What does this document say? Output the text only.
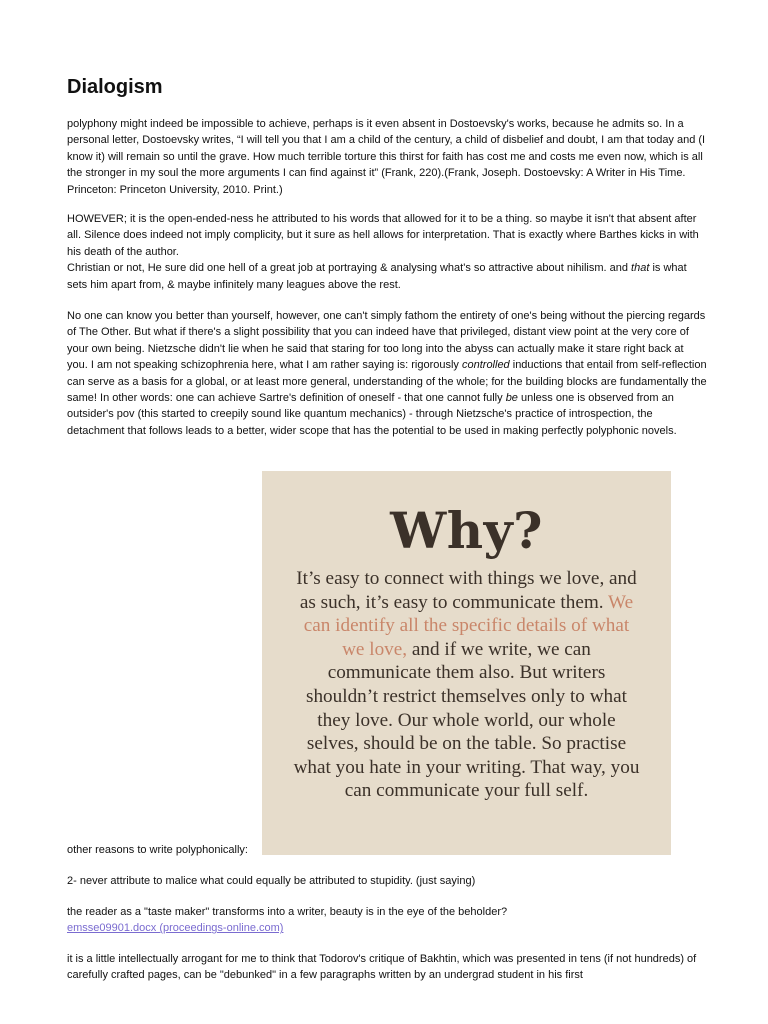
Dialogism

polyphony might indeed be impossible to achieve, perhaps is it even absent in Dostoevsky's works, because he admits so. In a personal letter, Dostoevsky writes, “I will tell you that I am a child of the century, a child of disbelief and doubt, I am that today and (I know it) will remain so until the grave. How much terrible torture this thirst for faith has cost me and costs me even now, which is all the stronger in my soul the more arguments I can find against it” (Frank, 220).(Frank, Joseph. Dostoevsky: A Writer in His Time. Princeton: Princeton University, 2010. Print.)

HOWEVER; it is the open-ended-ness he attributed to his words that allowed for it to be a thing. so maybe it isn't that absent after all. Silence does indeed not imply complicity, but it sure as hell allows for interpretation. That is exactly where Barthes kicks in with his death of the author.
Christian or not, He sure did one hell of a great job at portraying & analysing what's so attractive about nihilism. and that is what sets him apart from, & maybe infinitely many leagues above the rest.

No one can know you better than yourself, however, one can't simply fathom the entirety of one's being without the piercing regards of The Other. But what if there's a slight possibility that you can indeed have that privileged, distant view point at the very core of your own being. Nietzsche didn't lie when he said that staring for too long into the abyss can actually make it stare right back at you. I am not speaking schizophrenia here, what I am rather saying is: rigorously controlled inductions that entail from self-reflection can serve as a basis for a global, or at least more general, understanding of the whole; for the building blocks are fundamentally the same! In other words: one can achieve Sartre's definition of oneself - that one cannot fully be unless one is observed from an outsider's pov (this started to creepily sound like quantum mechanics) - through Nietzsche's practice of introspection, the detachment that follows leads to a better, wider scope that has the potential to be used in making perfectly polyphonic novels.

Why?

It’s easy to connect with things we love, and as such, it’s easy to communicate them. We can identify all the specific details of what we love, and if we write, we can communicate them also. But writers shouldn’t restrict themselves only to what they love. Our whole world, our whole selves, should be on the table. So practise what you hate in your writing. That way, you can communicate your full self.

other reasons to write polyphonically:

2- never attribute to malice what could equally be attributed to stupidity. (just saying)

the reader as a "taste maker" transforms into a writer, beauty is in the eye of the beholder?
emsse09901.docx (proceedings-online.com)

it is a little intellectually arrogant for me to think that Todorov's critique of Bakhtin, which was presented in tens (if not hundreds) of carefully crafted pages, can be "debunked" in a few paragraphs written by an undergrad student in his first
